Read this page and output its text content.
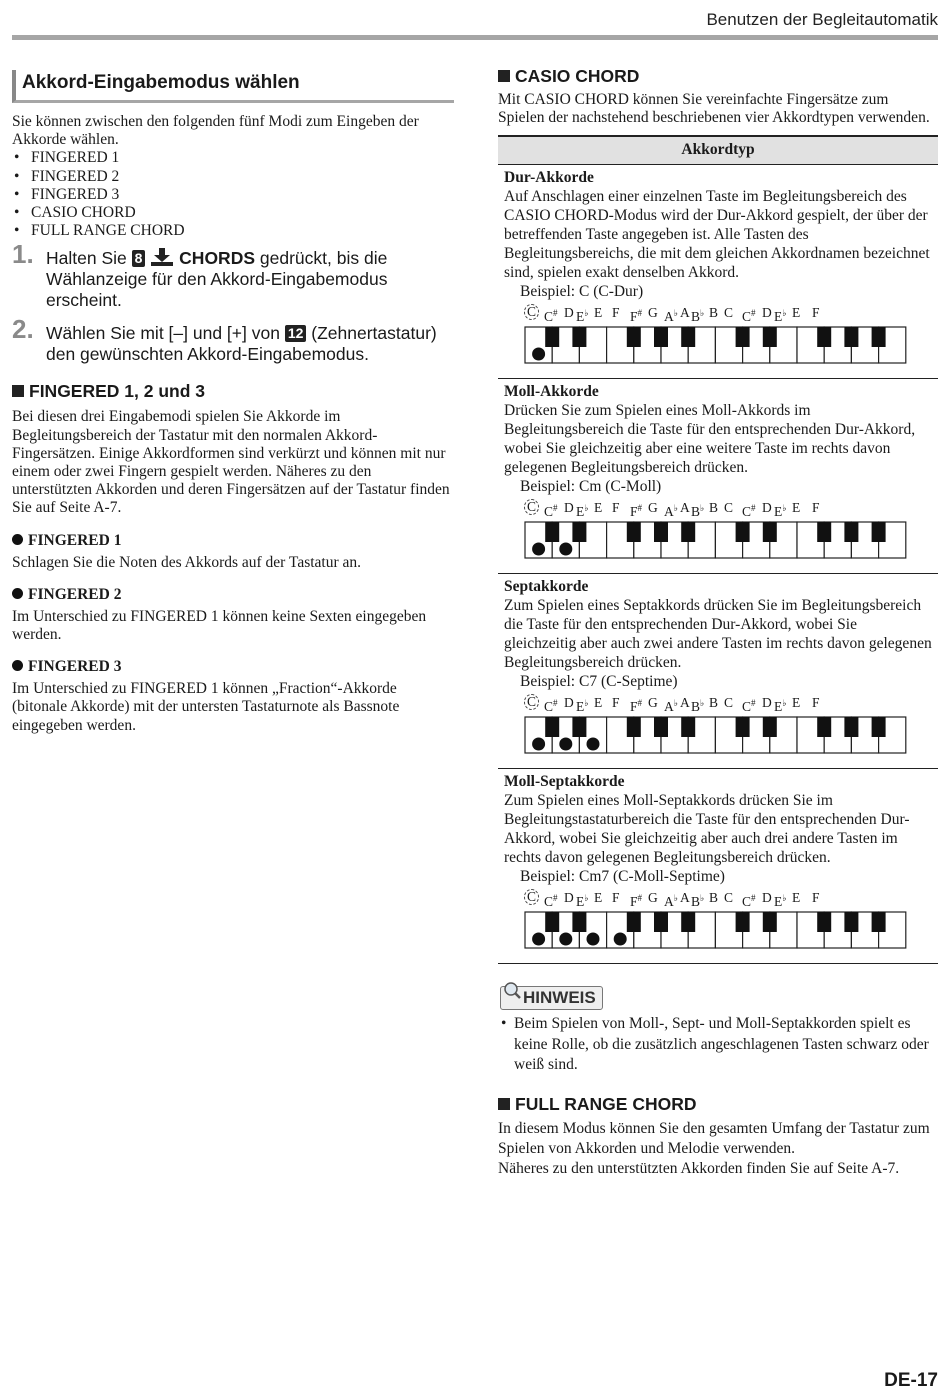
Benutzen der Begleitautomatik
Akkord-Eingabemodus wählen

Sie können zwischen den folgenden fünf Modi zum Eingeben der Akkorde wählen.

• FINGERED 1
• FINGERED 2
• FINGERED 3
• CASIO CHORD
• FULL RANGE CHORD
1. Halten Sie 8 CHORDS gedrückt, bis die Wählanzeige für den Akkord-Eingabemodus erscheint.
2. Wählen Sie mit [–] und [+] von 12 (Zehnertastatur) den gewünschten Akkord-Eingabemodus.
FINGERED 1, 2 und 3

Bei diesen drei Eingabemodi spielen Sie Akkorde im Begleitungsbereich der Tastatur mit den normalen Akkord-Fingersätzen. Einige Akkordformen sind verkürzt und können mit nur einem oder zwei Fingern gespielt werden. Näheres zu den unterstützten Akkorden und deren Fingersätzen auf der Tastatur finden Sie auf Seite A-7.

FINGERED 1

Schlagen Sie die Noten des Akkords auf der Tastatur an.

FINGERED 2

Im Unterschied zu FINGERED 1 können keine Sexten eingegeben werden.

FINGERED 3

Im Unterschied zu FINGERED 1 können „Fraction“-Akkorde (bitonale Akkorde) mit der untersten Tastaturnote als Bassnote eingegeben werden.

CASIO CHORD

Mit CASIO CHORD können Sie vereinfachte Fingersätze zum Spielen der nachstehend beschriebenen vier Akkordtypen verwenden.

Akkordtyp
Dur-Akkorde

Auf Anschlagen einer einzelnen Taste im Begleitungsbereich des CASIO CHORD-Modus wird der Dur-Akkord gespielt, der über der betreffenden Taste angegeben ist. Alle Tasten des Begleitungsbereichs, die mit dem gleichen Akkordnamen bezeichnet sind, spielen exakt denselben Akkord.

Beispiel: C (C-Dur)
C C# D E♭ E F F# G A♭ A B♭ B C C# D E♭ E F
Moll-Akkorde

Drücken Sie zum Spielen eines Moll-Akkords im Begleitungsbereich die Taste für den entsprechenden Dur-Akkord, wobei Sie gleichzeitig aber eine weitere Taste im rechts davon gelegenen Begleitungsbereich drücken.

Beispiel: Cm (C-Moll)
C C# D E♭ E F F# G A♭ A B♭ B C C# D E♭ E F
Septakkorde

Zum Spielen eines Septakkords drücken Sie im Begleitungsbereich die Taste für den entsprechenden Dur-Akkord, wobei Sie gleichzeitig aber auch zwei andere Tasten im rechts davon gelegenen Begleitungsbereich drücken.

Beispiel: C7 (C-Septime)
C C# D E♭ E F F# G A♭ A B♭ B C C# D E♭ E F
Moll-Septakkorde

Zum Spielen eines Moll-Septakkords drücken Sie im Begleitungstastaturbereich die Taste für den entsprechenden Dur-Akkord, wobei Sie gleichzeitig aber auch drei andere Tasten im rechts davon gelegenen Begleitungsbereich drücken.

Beispiel: Cm7 (C-Moll-Septime)
C C# D E♭ E F F# G A♭ A B♭ B C C# D E♭ E F
HINWEIS
• Beim Spielen von Moll-, Sept- und Moll-Septakkorden spielt es keine Rolle, ob die zusätzlich angeschlagenen Tasten schwarz oder weiß sind.
FULL RANGE CHORD

In diesem Modus können Sie den gesamten Umfang der Tastatur zum Spielen von Akkorden und Melodie verwenden.

Näheres zu den unterstützten Akkorden finden Sie auf Seite A-7.

DE-17
